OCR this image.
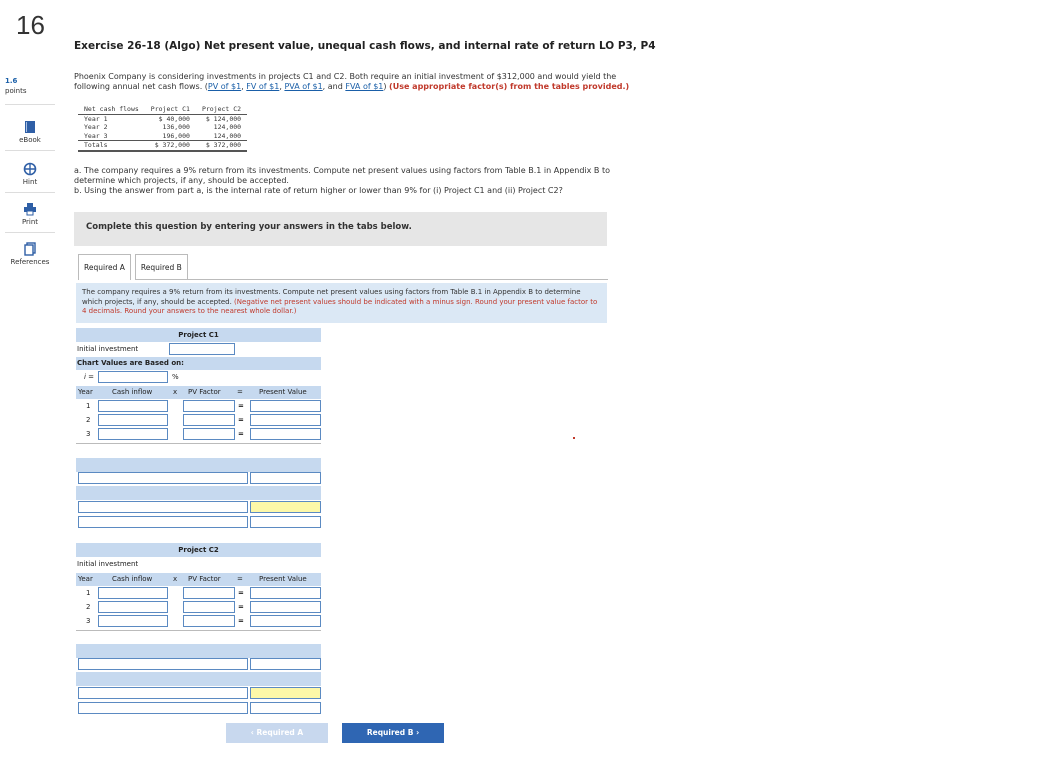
16
1.6
points
eBook
Hint
Print
References
Exercise 26-18 (Algo) Net present value, unequal cash flows, and internal rate of return LO P3, P4
Phoenix Company is considering investments in projects C1 and C2. Both require an initial investment of $312,000 and would yield the
following annual net cash flows. (PV of $1, FV of $1, PVA of $1, and FVA of $1) (Use appropriate factor(s) from the tables provided.)
Net cash flows	Project C1	Project C2
Year 1	$ 40,000	$ 124,000
Year 2	136,000	124,000
Year 3	196,000	124,000
Totals	$ 372,000	$ 372,000
a. The company requires a 9% return from its investments. Compute net present values using factors from Table B.1 in Appendix B to
determine which projects, if any, should be accepted.
b. Using the answer from part a, is the internal rate of return higher or lower than 9% for (i) Project C1 and (ii) Project C2?
Complete this question by entering your answers in the tabs below.
Required A	Required B
The company requires a 9% return from its investments. Compute net present values using factors from Table B.1 in Appendix B to determine which projects, if any, should be accepted. (Negative net present values should be indicated with a minus sign. Round your present value factor to 4 decimals. Round your answers to the nearest whole dollar.)
Project C1
Initial investment
Chart Values are Based on:
i =	%
Year	Cash inflow	x PV Factor = Present Value
1	=
2	=
3	=
Project C2
Initial investment
Year	Cash inflow	x PV Factor = Present Value
1	=
2	=
3	=
‹ Required A	Required B ›
